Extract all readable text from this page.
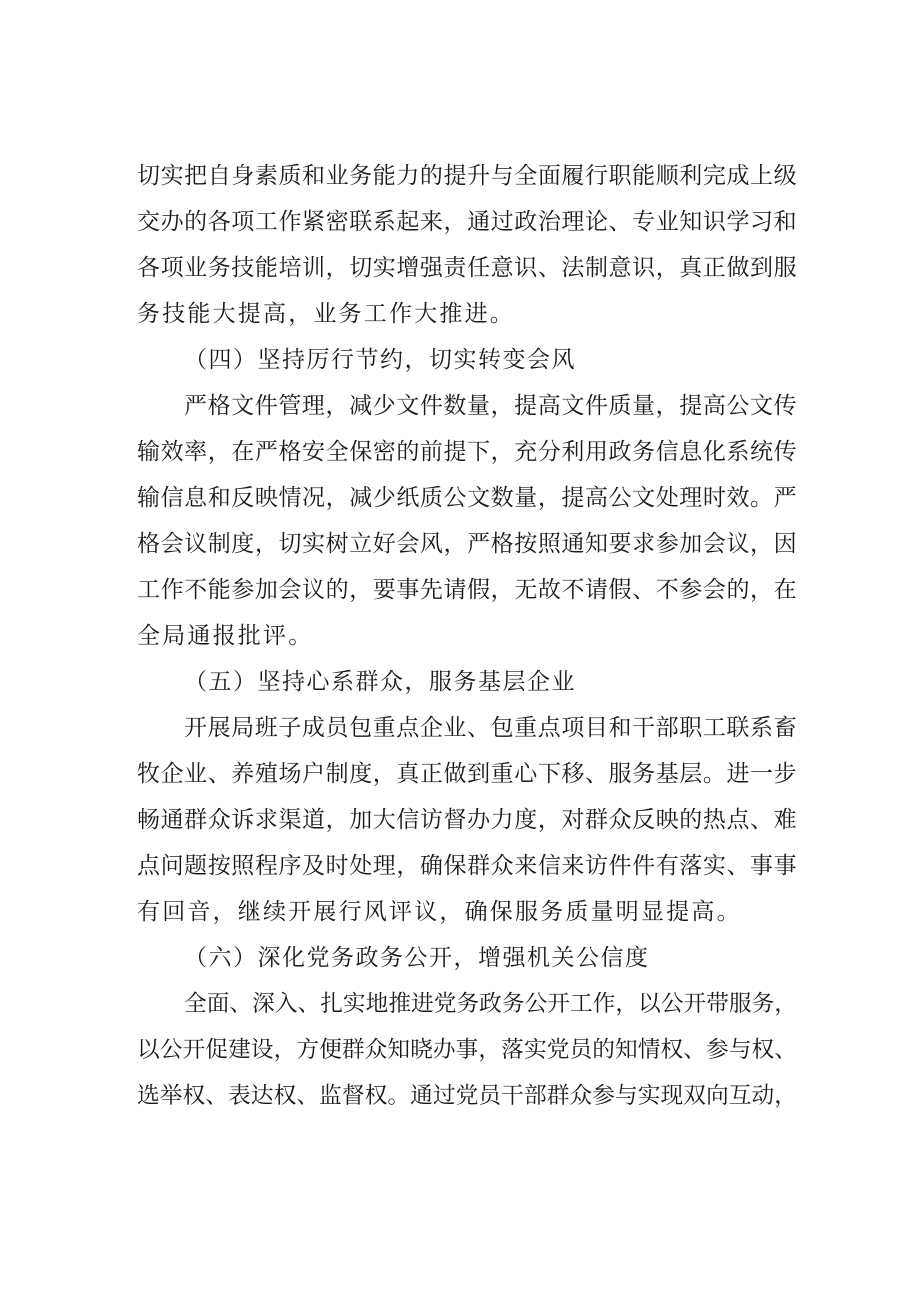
切实把自身素质和业务能力的提升与全面履行职能顺利完成上级
交办的各项工作紧密联系起来，通过政治理论、专业知识学习和
各项业务技能培训，切实增强责任意识、法制意识，真正做到服
务技能大提高，业务工作大推进。
（四）坚持厉行节约，切实转变会风
严格文件管理，减少文件数量，提高文件质量，提高公文传
输效率，在严格安全保密的前提下，充分利用政务信息化系统传
输信息和反映情况，减少纸质公文数量，提高公文处理时效。严
格会议制度，切实树立好会风，严格按照通知要求参加会议，因
工作不能参加会议的，要事先请假，无故不请假、不参会的，在
全局通报批评。
（五）坚持心系群众，服务基层企业
开展局班子成员包重点企业、包重点项目和干部职工联系畜
牧企业、养殖场户制度，真正做到重心下移、服务基层。进一步
畅通群众诉求渠道，加大信访督办力度，对群众反映的热点、难
点问题按照程序及时处理，确保群众来信来访件件有落实、事事
有回音，继续开展行风评议，确保服务质量明显提高。
（六）深化党务政务公开，增强机关公信度
全面、深入、扎实地推进党务政务公开工作，以公开带服务，
以公开促建设，方便群众知晓办事，落实党员的知情权、参与权、
选举权、表达权、监督权。通过党员干部群众参与实现双向互动，
